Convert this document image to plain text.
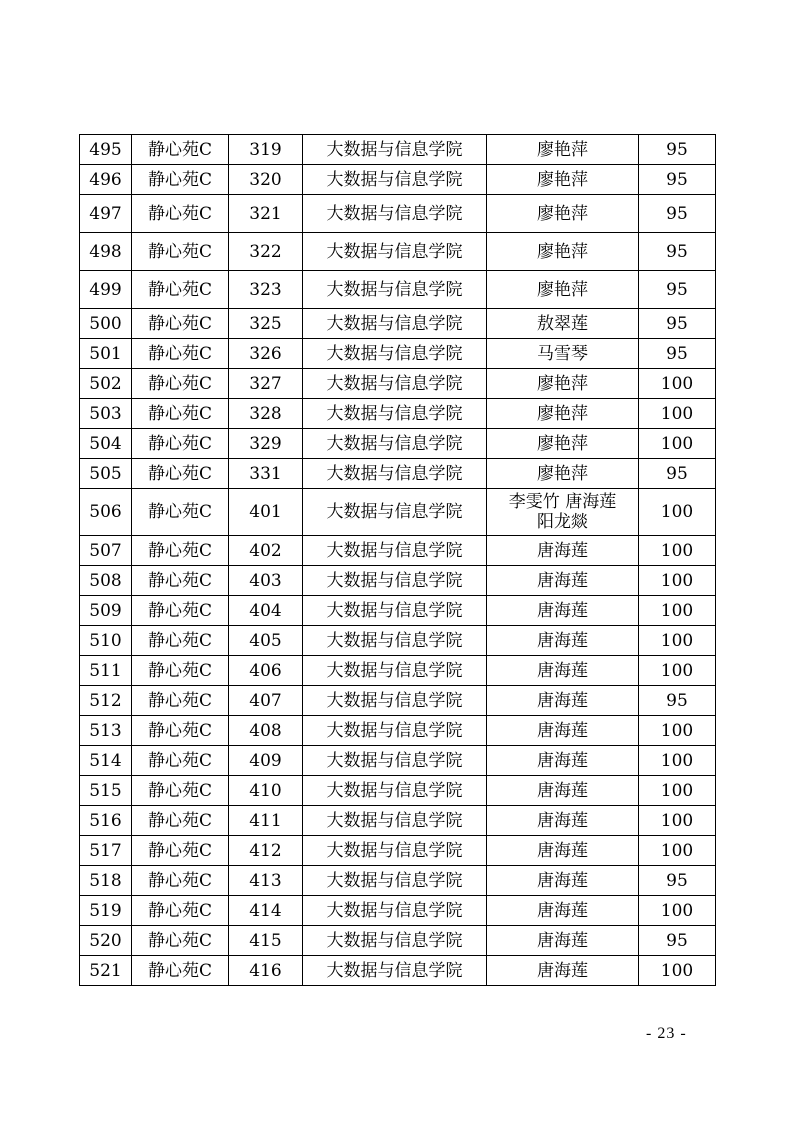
495	静心苑C	319	大数据与信息学院	廖艳萍	95

496	静心苑C	320	大数据与信息学院	廖艳萍	95

497	静心苑C	321	大数据与信息学院	廖艳萍	95

498	静心苑C	322	大数据与信息学院	廖艳萍	95

499	静心苑C	323	大数据与信息学院	廖艳萍	95

500	静心苑C	325	大数据与信息学院	敖翠莲	95

501	静心苑C	326	大数据与信息学院	马雪琴	95

502	静心苑C	327	大数据与信息学院	廖艳萍	100

503	静心苑C	328	大数据与信息学院	廖艳萍	100

504	静心苑C	329	大数据与信息学院	廖艳萍	100

505	静心苑C	331	大数据与信息学院	廖艳萍	95

506	静心苑C	401	大数据与信息学院	李雯竹 唐海莲
阳龙燚	100

507	静心苑C	402	大数据与信息学院	唐海莲	100

508	静心苑C	403	大数据与信息学院	唐海莲	100

509	静心苑C	404	大数据与信息学院	唐海莲	100

510	静心苑C	405	大数据与信息学院	唐海莲	100

511	静心苑C	406	大数据与信息学院	唐海莲	100

512	静心苑C	407	大数据与信息学院	唐海莲	95

513	静心苑C	408	大数据与信息学院	唐海莲	100

514	静心苑C	409	大数据与信息学院	唐海莲	100

515	静心苑C	410	大数据与信息学院	唐海莲	100

516	静心苑C	411	大数据与信息学院	唐海莲	100

517	静心苑C	412	大数据与信息学院	唐海莲	100

518	静心苑C	413	大数据与信息学院	唐海莲	95

519	静心苑C	414	大数据与信息学院	唐海莲	100

520	静心苑C	415	大数据与信息学院	唐海莲	95

521	静心苑C	416	大数据与信息学院	唐海莲	100
- 23 -
